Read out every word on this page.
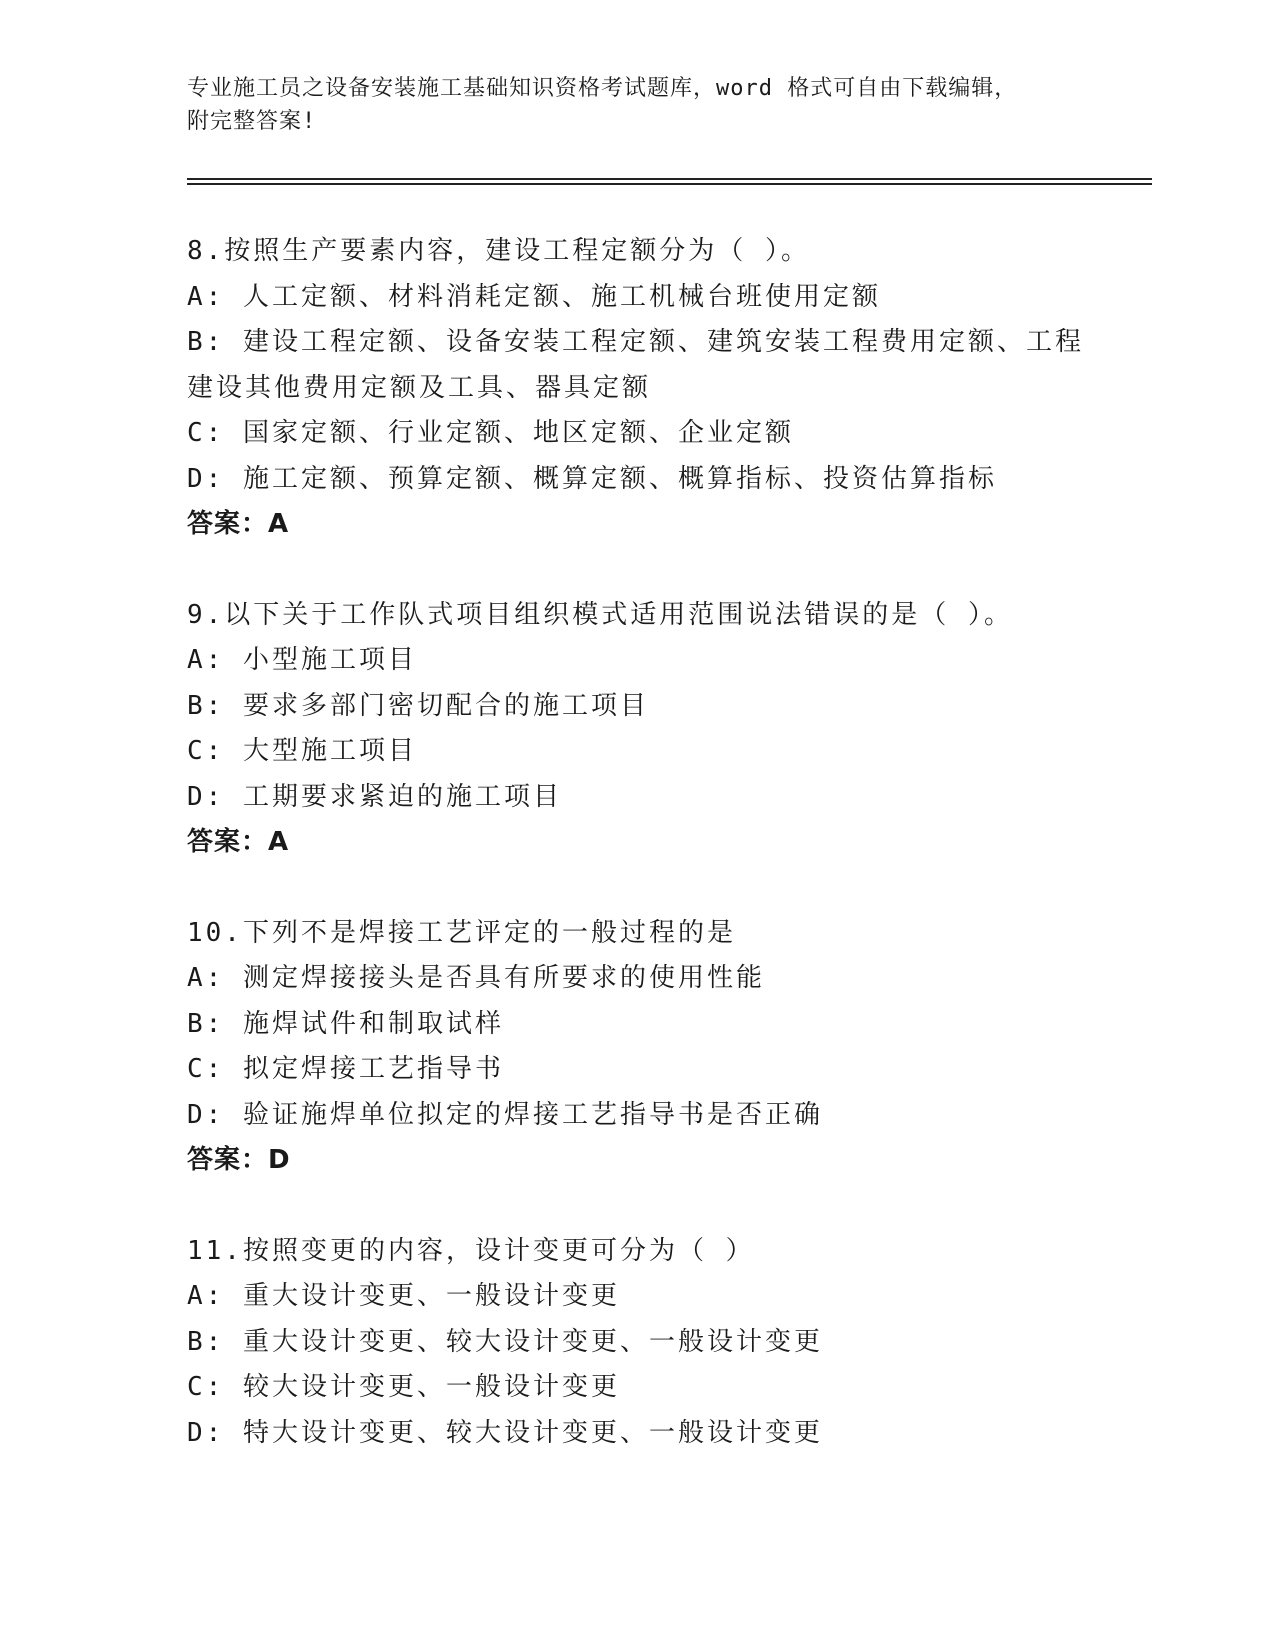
专业施工员之设备安装施工基础知识资格考试题库，word 格式可自由下载编辑，
附完整答案!
8.按照生产要素内容，建设工程定额分为（ ）。
A: 人工定额、材料消耗定额、施工机械台班使用定额
B: 建设工程定额、设备安装工程定额、建筑安装工程费用定额、工程
建设其他费用定额及工具、器具定额
C: 国家定额、行业定额、地区定额、企业定额
D: 施工定额、预算定额、概算定额、概算指标、投资估算指标
答案：A
9.以下关于工作队式项目组织模式适用范围说法错误的是（ ）。
A: 小型施工项目
B: 要求多部门密切配合的施工项目
C: 大型施工项目
D: 工期要求紧迫的施工项目
答案：A
10.下列不是焊接工艺评定的一般过程的是
A: 测定焊接接头是否具有所要求的使用性能
B: 施焊试件和制取试样
C: 拟定焊接工艺指导书
D: 验证施焊单位拟定的焊接工艺指导书是否正确
答案：D
11.按照变更的内容，设计变更可分为（ ）
A: 重大设计变更、一般设计变更
B: 重大设计变更、较大设计变更、一般设计变更
C: 较大设计变更、一般设计变更
D: 特大设计变更、较大设计变更、一般设计变更
